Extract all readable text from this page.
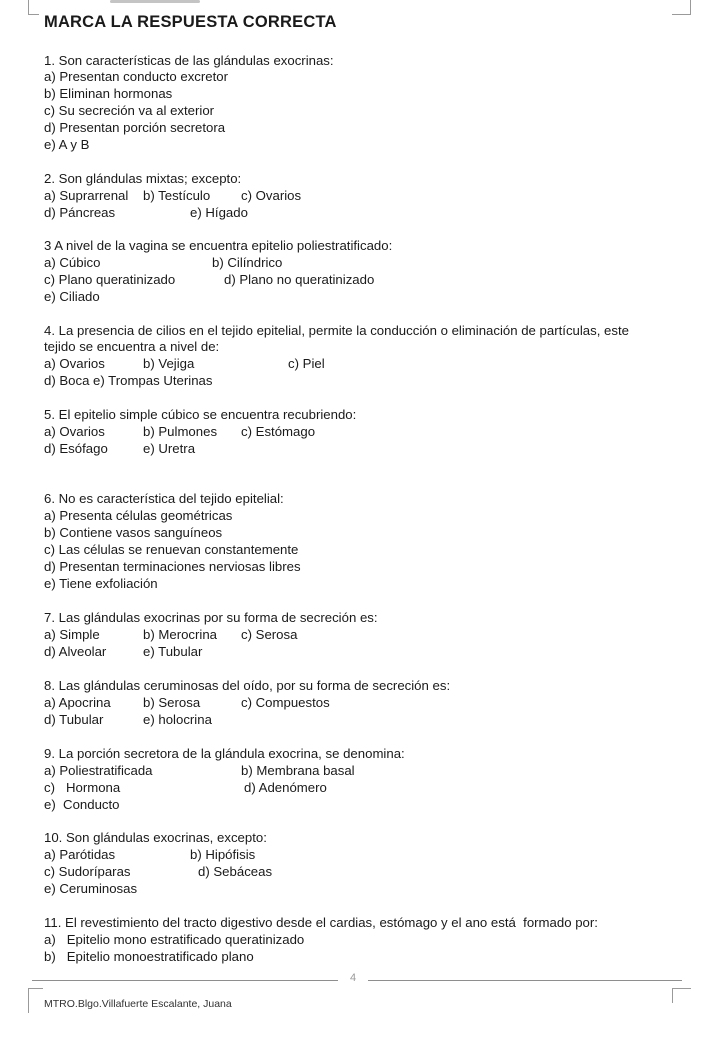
MARCA LA RESPUESTA CORRECTA
1. Son características de las glándulas exocrinas:
a) Presentan conducto excretor
b) Eliminan hormonas
c) Su secreción va al exterior
d) Presentan porción secretora
e) A y B
2. Son glándulas mixtas; excepto:
a) Suprarrenal b) Testículo c) Ovarios
d) Páncreas	e) Hígado
3 A nivel de la vagina se encuentra epitelio poliestratificado:
a) Cúbico	b) Cilíndrico
c) Plano queratinizado	d) Plano no queratinizado
e) Ciliado
4. La presencia de cilios en el tejido epitelial, permite la conducción o eliminación de partículas, este
tejido se encuentra a nivel de:
a) Ovarios	b) Vejiga	c) Piel
d) Boca e) Trompas Uterinas
5. El epitelio simple cúbico se encuentra recubriendo:
a) Ovarios	b) Pulmones c) Estómago
d) Esófago	e) Uretra
6. No es característica del tejido epitelial:
a) Presenta células geométricas
b) Contiene vasos sanguíneos
c) Las células se renuevan constantemente
d) Presentan terminaciones nerviosas libres
e) Tiene exfoliación
7. Las glándulas exocrinas por su forma de secreción es:
a) Simple	b) Merocrina c) Serosa
d) Alveolar	e) Tubular
8. Las glándulas ceruminosas del oído, por su forma de secreción es:
a) Apocrina b) Serosa	c) Compuestos
d) Tubular	e) holocrina
9. La porción secretora de la glándula exocrina, se denomina:
a) Poliestratificada	b) Membrana basal
c)   Hormona	d) Adenómero
e)  Conducto
10. Son glándulas exocrinas, excepto:
a) Parótidas	b) Hipófisis
c) Sudoríparas	d) Sebáceas
e) Ceruminosas
11. El revestimiento del tracto digestivo desde el cardias, estómago y el ano está  formado por:
a)   Epitelio mono estratificado queratinizado
b)   Epitelio monoestratificado plano
4
MTRO.Blgo.Villafuerte Escalante, Juana
